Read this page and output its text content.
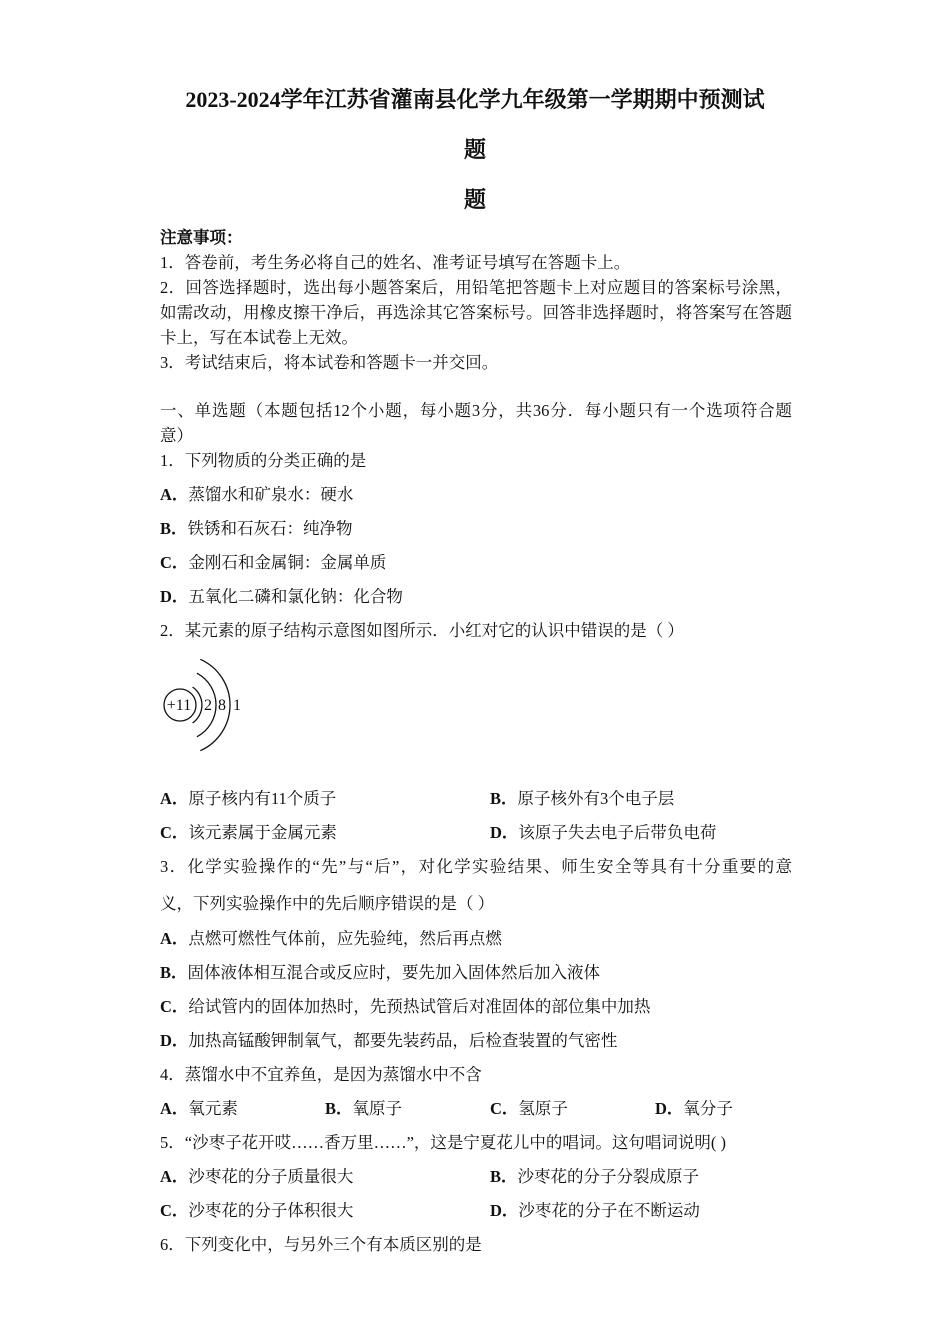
2023-2024学年江苏省灌南县化学九年级第一学期期中预测试
题
题
注意事项：
1．答卷前，考生务必将自己的姓名、准考证号填写在答题卡上。
2．回答选择题时，选出每小题答案后，用铅笔把答题卡上对应题目的答案标号涂黑，
如需改动，用橡皮擦干净后，再选涂其它答案标号。回答非选择题时，将答案写在答题
卡上，写在本试卷上无效。
3．考试结束后，将本试卷和答题卡一并交回。
一、单选题（本题包括12个小题，每小题3分，共36分．每小题只有一个选项符合题
意）
1．下列物质的分类正确的是
A．蒸馏水和矿泉水：硬水
B．铁锈和石灰石：纯净物
C．金刚石和金属铜：金属单质
D．五氧化二磷和氯化钠：化合物
2．某元素的原子结构示意图如图所示．小红对它的认识中错误的是（ ）
+11 2 8 1
A．原子核内有11个质子	B．原子核外有3个电子层
C．该元素属于金属元素	D．该原子失去电子后带负电荷
3．化学实验操作的“先”与“后”，对化学实验结果、师生安全等具有十分重要的意
义，下列实验操作中的先后顺序错误的是（ ）
A．点燃可燃性气体前，应先验纯，然后再点燃
B．固体液体相互混合或反应时，要先加入固体然后加入液体
C．给试管内的固体加热时，先预热试管后对准固体的部位集中加热
D．加热高锰酸钾制氧气，都要先装药品，后检查装置的气密性
4．蒸馏水中不宜养鱼，是因为蒸馏水中不含
A．氧元素	B．氧原子	C．氢原子	D．氧分子
5．“沙枣子花开哎……香万里……”，这是宁夏花儿中的唱词。这句唱词说明( )
A．沙枣花的分子质量很大	B．沙枣花的分子分裂成原子
C．沙枣花的分子体积很大	D．沙枣花的分子在不断运动
6．下列变化中，与另外三个有本质区别的是
